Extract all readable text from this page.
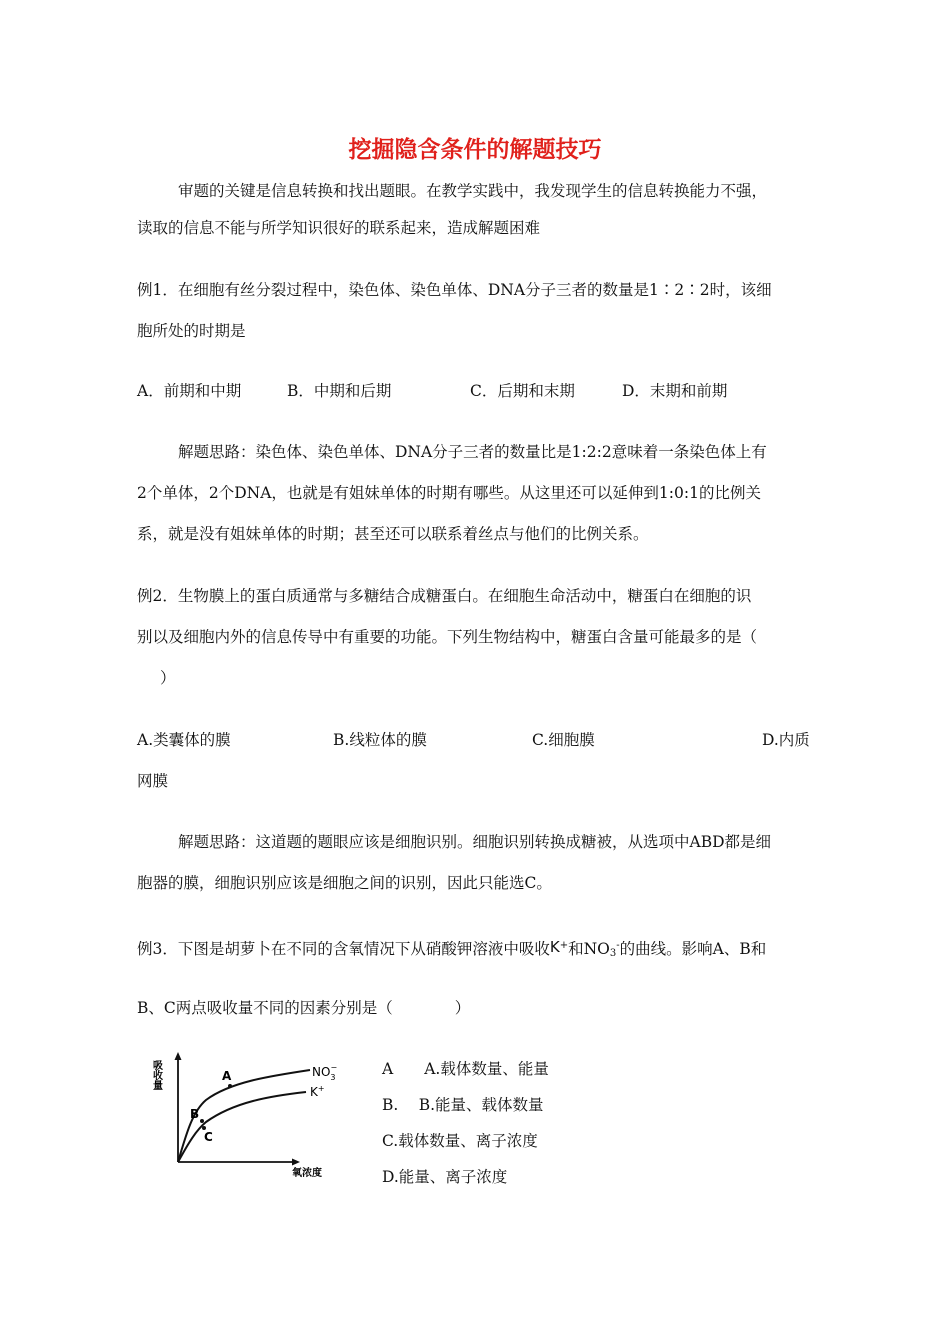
挖掘隐含条件的解题技巧
审题的关键是信息转换和找出题眼。在教学实践中，我发现学生的信息转换能力不强，
读取的信息不能与所学知识很好的联系起来，造成解题困难
例1．在细胞有丝分裂过程中，染色体、染色单体、DNA分子三者的数量是1∶2∶2时，该细
胞所处的时期是
A．前期和中期	B．中期和后期	C．后期和末期	D．末期和前期
解题思路：染色体、染色单体、DNA分子三者的数量比是1:2:2意味着一条染色体上有
2个单体，2个DNA，也就是有姐妹单体的时期有哪些。从这里还可以延伸到1:0:1的比例关
系，就是没有姐妹单体的时期；甚至还可以联系着丝点与他们的比例关系。
例2．生物膜上的蛋白质通常与多糖结合成糖蛋白。在细胞生命活动中，糖蛋白在细胞的识
别以及细胞内外的信息传导中有重要的功能。下列生物结构中，糖蛋白含量可能最多的是（
）
A.类囊体的膜	B.线粒体的膜	C.细胞膜	D.内质
网膜
解题思路：这道题的题眼应该是细胞识别。细胞识别转换成糖被，从选项中ABD都是细
胞器的膜，细胞识别应该是细胞之间的识别，因此只能选C。
例3．下图是胡萝卜在不同的含氧情况下从硝酸钾溶液中吸收K+和$NO_3^-$的曲线。影响A、B和
B、C两点吸收量不同的因素分别是（　　　　）
A　　A.载体数量、能量
B.　 B.能量、载体数量
C.载体数量、离子浓度
D.能量、离子浓度
吸收量
氧浓度
$NO_3-$
K+
A
B
C
